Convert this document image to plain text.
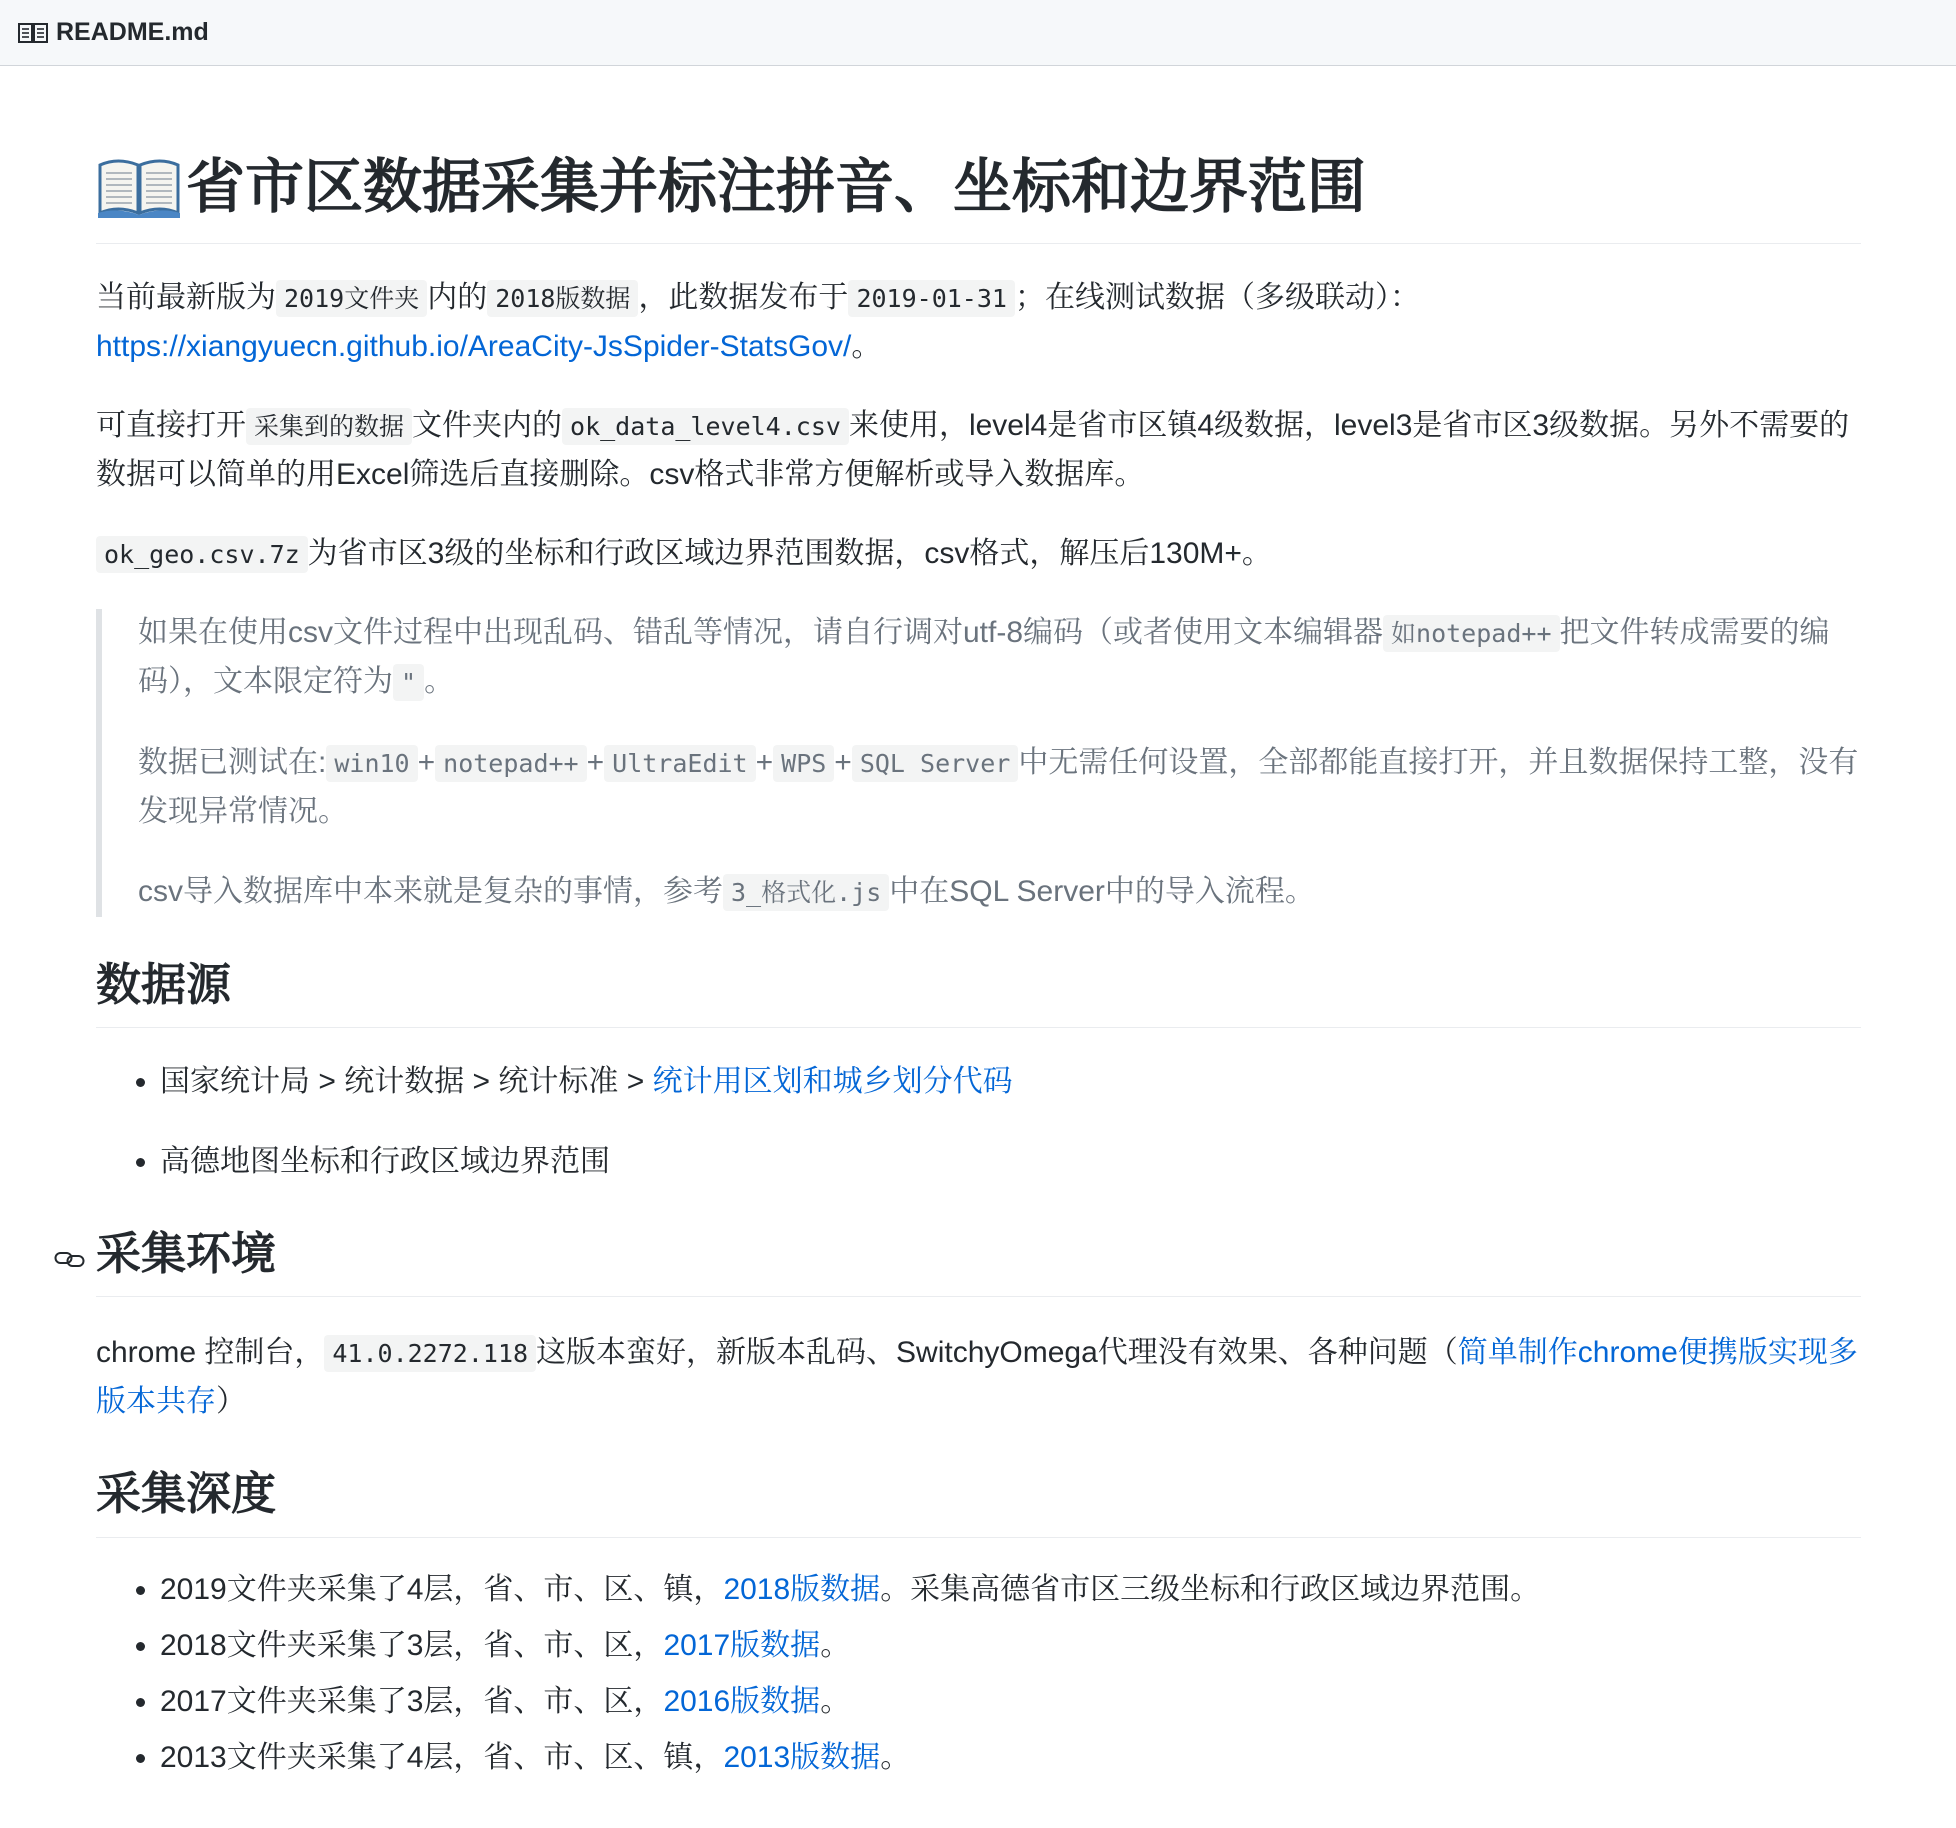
README.md
省市区数据采集并标注拼音、坐标和边界范围

当前最新版为 2019文件夹 内的 2018版数据 ，此数据发布于 2019-01-31 ；在线测试数据（多级联动）：
https://xiangyuecn.github.io/AreaCity-JsSpider-StatsGov/。

可直接打开 采集到的数据 文件夹内的 ok_data_level4.csv 来使用，level4是省市区镇4级数据，level3是省市区3级数据。另外不需要的数据可以简单的用Excel筛选后直接删除。csv格式非常方便解析或导入数据库。

ok_geo.csv.7z 为省市区3级的坐标和行政区域边界范围数据，csv格式，解压后130M+。

如果在使用csv文件过程中出现乱码、错乱等情况，请自行调对utf-8编码（或者使用文本编辑器 如notepad++ 把文件转成需要的编码），文本限定符为 " 。

数据已测试在: win10 + notepad++ + UltraEdit + WPS + SQL Server 中无需任何设置，全部都能直接打开，并且数据保持工整，没有发现异常情况。

csv导入数据库中本来就是复杂的事情，参考 3_格式化.js 中在SQL Server中的导入流程。

数据源
• 国家统计局 > 统计数据 > 统计标准 > 统计用区划和城乡划分代码
• 高德地图坐标和行政区域边界范围
采集环境

chrome 控制台， 41.0.2272.118 这版本蛮好，新版本乱码、SwitchyOmega代理没有效果、各种问题（简单制作chrome便携版实现多版本共存）

采集深度
• 2019文件夹采集了4层，省、市、区、镇，2018版数据。采集高德省市区三级坐标和行政区域边界范围。
• 2018文件夹采集了3层，省、市、区，2017版数据。
• 2017文件夹采集了3层，省、市、区，2016版数据。
• 2013文件夹采集了4层，省、市、区、镇，2013版数据。
